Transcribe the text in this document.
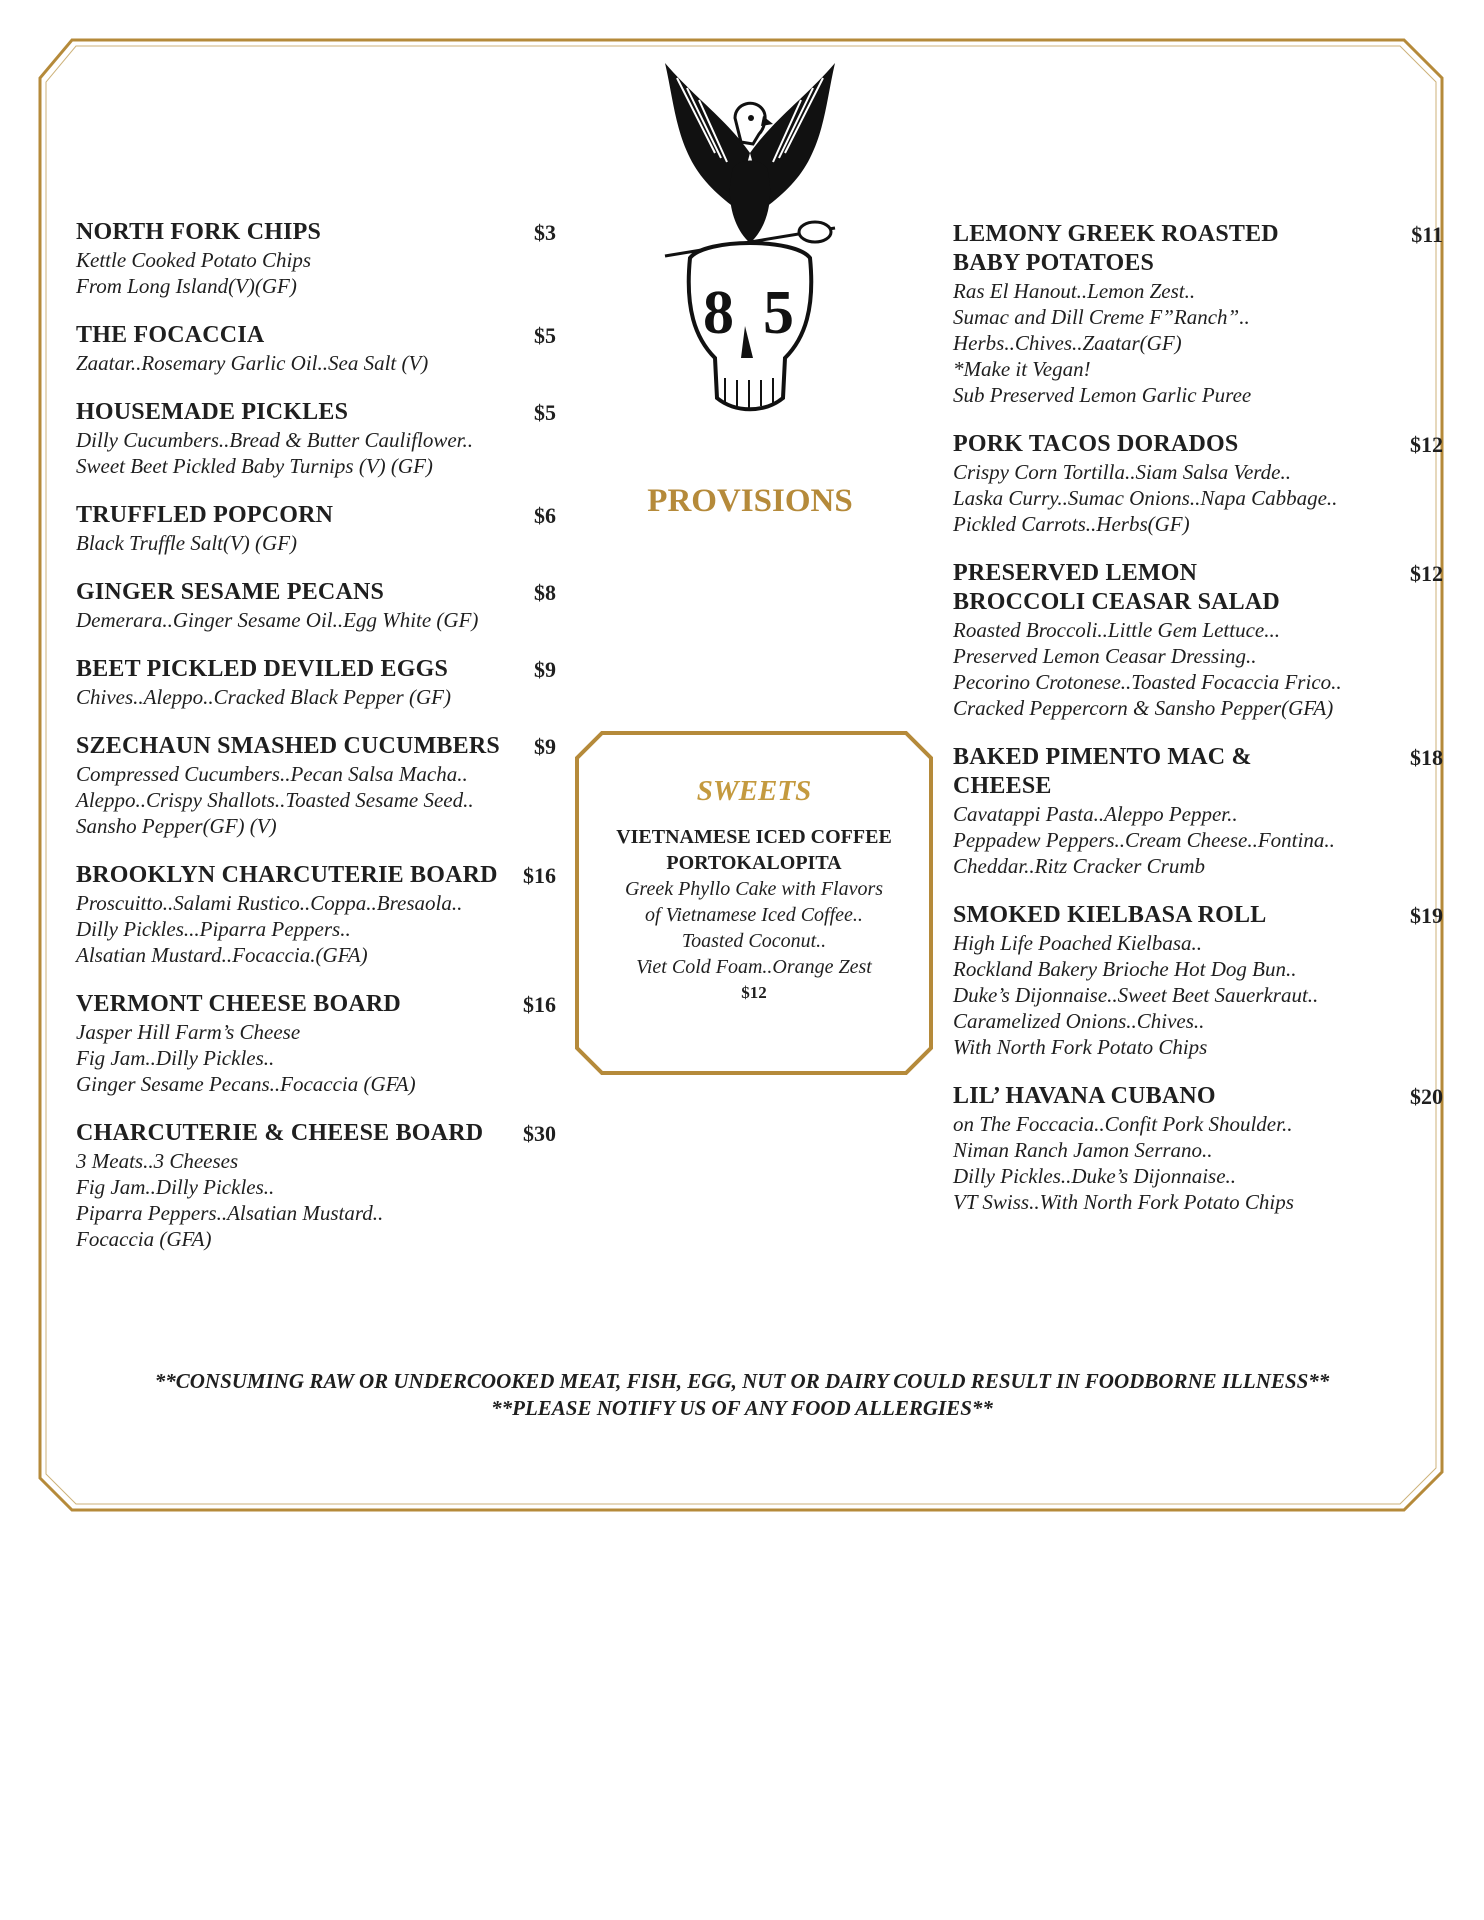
8 5
NORTH FORK CHIPS	$3
Kettle Cooked Potato Chips
From Long Island(V)(GF)
THE FOCACCIA	$5
Zaatar..Rosemary Garlic Oil..Sea Salt (V)
HOUSEMADE PICKLES	$5
Dilly Cucumbers..Bread & Butter Cauliflower..
Sweet Beet Pickled Baby Turnips (V) (GF)
TRUFFLED POPCORN	$6
Black Truffle Salt(V) (GF)
GINGER SESAME PECANS	$8
Demerara..Ginger Sesame Oil..Egg White (GF)
BEET PICKLED DEVILED EGGS	$9
Chives..Aleppo..Cracked Black Pepper (GF)
SZECHAUN SMASHED CUCUMBERS $9
Compressed Cucumbers..Pecan Salsa Macha..
Aleppo..Crispy Shallots..Toasted Sesame Seed..
Sansho Pepper(GF) (V)
BROOKLYN CHARCUTERIE BOARD $16
Proscuitto..Salami Rustico..Coppa..Bresaola..
Dilly Pickles...Piparra Peppers..
Alsatian Mustard..Focaccia.(GFA)
VERMONT CHEESE BOARD	$16
Jasper Hill Farm’s Cheese
Fig Jam..Dilly Pickles..
Ginger Sesame Pecans..Focaccia (GFA)
CHARCUTERIE & CHEESE BOARD $30
3 Meats..3 Cheeses
Fig Jam..Dilly Pickles..
Piparra Peppers..Alsatian Mustard..
Focaccia (GFA)
PROVISIONS
SWEETS
VIETNAMESE ICED COFFEE PORTOKALOPITA
Greek Phyllo Cake with Flavors
of Vietnamese Iced Coffee..
Toasted Coconut..
Viet Cold Foam..Orange Zest
$12
LEMONY GREEK ROASTED BABY POTATOES
$11
Ras El Hanout..Lemon Zest..
Sumac and Dill Creme F”Ranch”..
Herbs..Chives..Zaatar(GF)
*Make it Vegan!
Sub Preserved Lemon Garlic Puree
PORK TACOS DORADOS	$12
Crispy Corn Tortilla..Siam Salsa Verde..
Laska Curry..Sumac Onions..Napa Cabbage..
Pickled Carrots..Herbs(GF)
PRESERVED LEMON BROCCOLI CEASAR SALAD
$12
Roasted Broccoli..Little Gem Lettuce...
Preserved Lemon Ceasar Dressing..
Pecorino Crotonese..Toasted Focaccia Frico..
Cracked Peppercorn & Sansho Pepper(GFA)
BAKED PIMENTO MAC & CHEESE
$18
Cavatappi Pasta..Aleppo Pepper..
Peppadew Peppers..Cream Cheese..Fontina..
Cheddar..Ritz Cracker Crumb
SMOKED KIELBASA ROLL	$19
High Life Poached Kielbasa..
Rockland Bakery Brioche Hot Dog Bun..
Duke’s Dijonnaise..Sweet Beet Sauerkraut..
Caramelized Onions..Chives..
With North Fork Potato Chips
LIL’ HAVANA CUBANO	$20
on The Foccacia..Confit Pork Shoulder..
Niman Ranch Jamon Serrano..
Dilly Pickles..Duke’s Dijonnaise..
VT Swiss..With North Fork Potato Chips
**CONSUMING RAW OR UNDERCOOKED MEAT, FISH, EGG, NUT OR DAIRY COULD RESULT IN FOODBORNE ILLNESS**
**PLEASE NOTIFY US OF ANY FOOD ALLERGIES**
